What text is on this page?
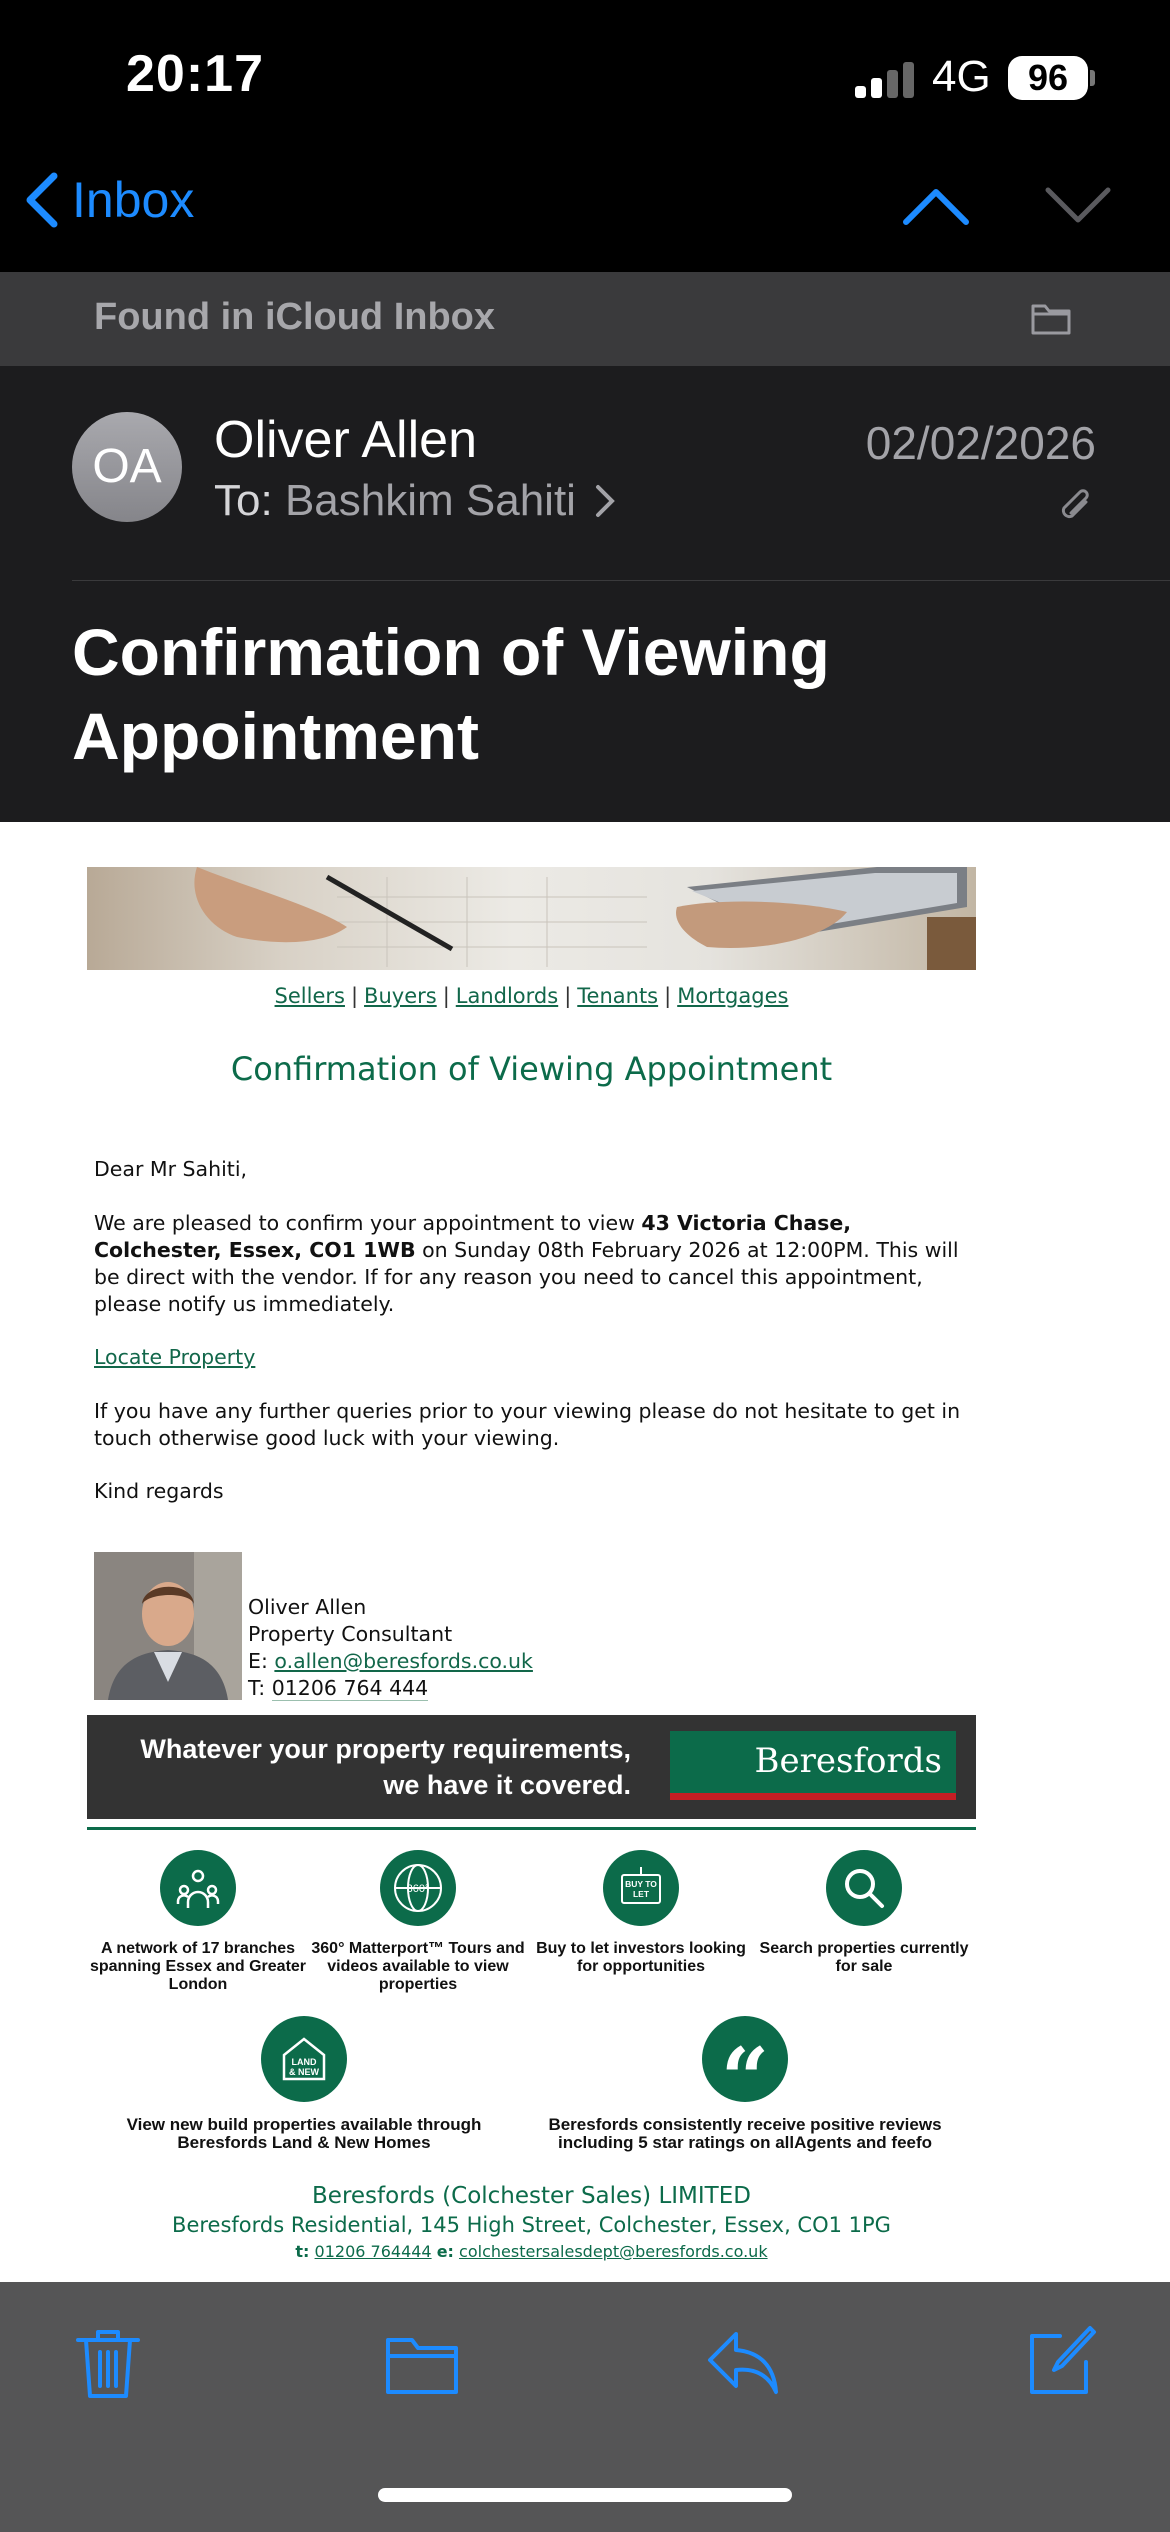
20:17	4G	96
Inbox
Found in iCloud Inbox
OA	Oliver Allen
To: Bashkim Sahiti
02/02/2026
Confirmation of Viewing Appointment
Sellers | Buyers | Landlords | Tenants | Mortgages
Confirmation of Viewing Appointment
Dear Mr Sahiti,
We are pleased to confirm your appointment to view 43 Victoria Chase, Colchester, Essex, CO1 1WB on Sunday 08th February 2026 at 12:00PM. This will be direct with the vendor. If for any reason you need to cancel this appointment, please notify us immediately.
Locate Property
If you have any further queries prior to your viewing please do not hesitate to get in touch otherwise good luck with your viewing.
Kind regards
Oliver Allen
Property Consultant
E: o.allen@beresfords.co.uk
T: 01206 764 444
Whatever your property requirements,
we have it covered.
Beresfords
A network of 17 branches spanning Essex and Greater London
360°
360° Matterport™ Tours and videos available to view properties
BUY TO
LET
Buy to let investors looking for opportunities
Search properties currently for sale
LAND
& NEW
View new build properties available through Beresfords Land & New Homes
“
Beresfords consistently receive positive reviews including 5 star ratings on allAgents and feefo
Beresfords (Colchester Sales) LIMITED
Beresfords Residential, 145 High Street, Colchester, Essex, CO1 1PG
t: 01206 764444 e: colchestersalesdept@beresfords.co.uk
